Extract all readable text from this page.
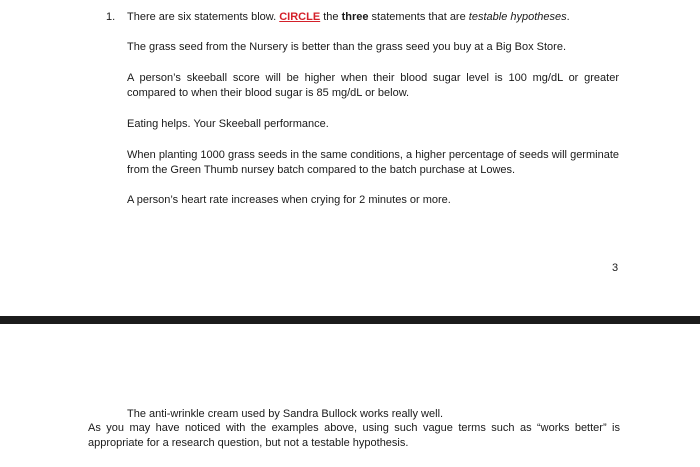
1. There are six statements blow. CIRCLE the three statements that are testable hypotheses.
The grass seed from the Nursery is better than the grass seed you buy at a Big Box Store.
A person’s skeeball score will be higher when their blood sugar level is 100 mg/dL or greater compared to when their blood sugar is 85 mg/dL or below.
Eating helps. Your Skeeball performance.
When planting 1000 grass seeds in the same conditions, a higher percentage of seeds will germinate from the Green Thumb nursey batch compared to the batch purchase at Lowes.
A person’s heart rate increases when crying for 2 minutes or more.
3
The anti-wrinkle cream used by Sandra Bullock works really well.
As you may have noticed with the examples above, using such vague terms such as “works better” is appropriate for a research question, but not a testable hypothesis.
